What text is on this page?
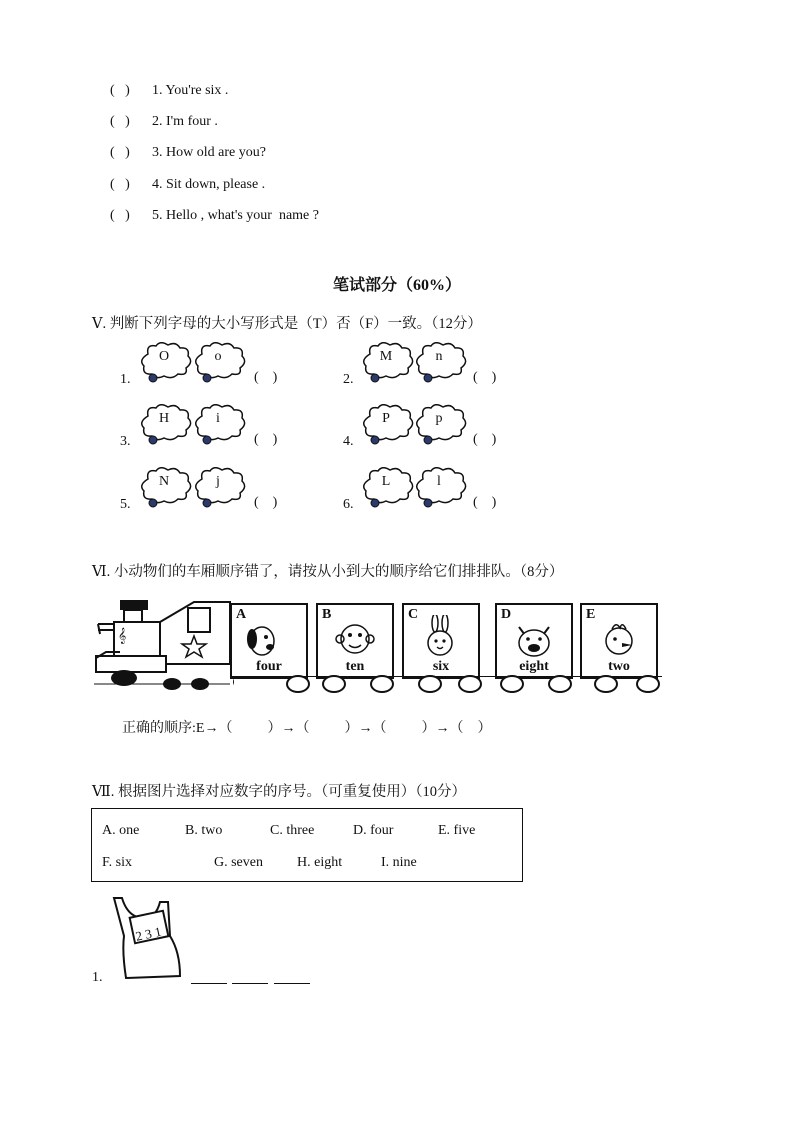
(   ) 1. You're six .
(   ) 2. I'm four .
(   ) 3. How old are you?
(   ) 4. Sit down, please .
(   ) 5. Hello , what's your  name ?
笔试部分（60%）
Ⅴ. 判断下列字母的大小写形式是（T）否（F）一致。（12分）
1.
O	o
(    )	2.
M	n
(    )
3.
H	i
(    )	4.
P	p
(    )
5.
N	j
(    )	6.
L	l
(    )
Ⅵ. 小动物们的车厢顺序错了，请按从小到大的顺序给它们排排队。（8分）
𝄞
A
four
B
ten
C
six
D
eight
E
two
正确的顺序:E→（          ）→（          ）→（          ）→（    ）
Ⅶ. 根据图片选择对应数字的序号。（可重复使用）（10分）
A. one	B. two	C. three	D. four	E. five
F. six	G. seven H. eight	I. nine
2 3 1
1.
